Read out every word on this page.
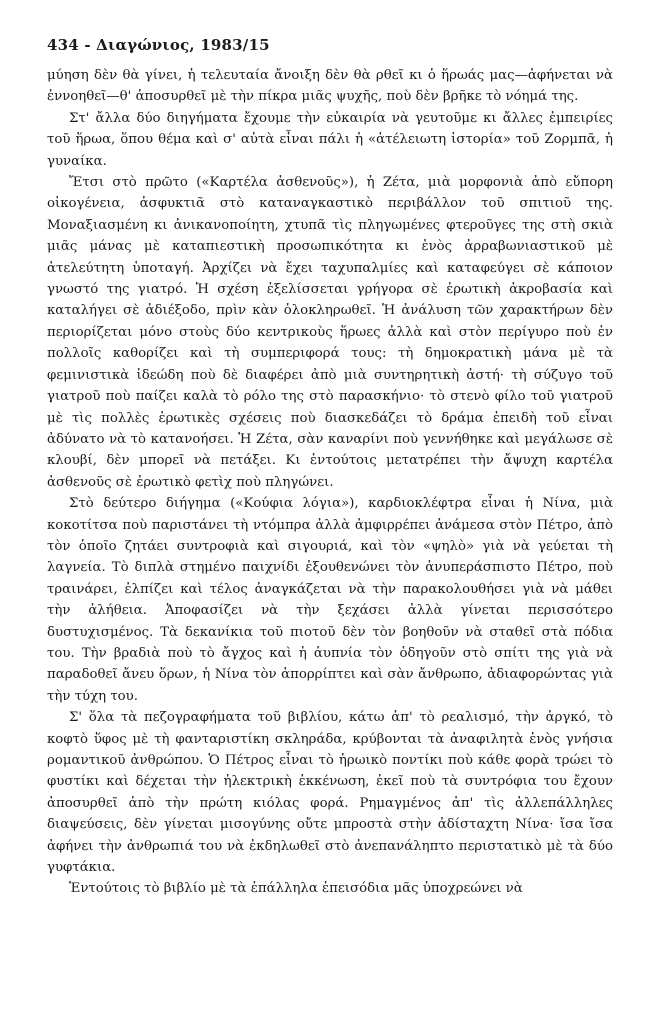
434 - Διαγώνιος, 1983/15

μύηση δὲν θὰ γίνει, ἡ τελευταία ἄνοιξη δὲν θὰ ρθεῖ κι ὁ ἥρωάς μας—ἀφήνεται νὰ ἐννοηθεῖ—θ' ἀποσυρθεῖ μὲ τὴν πίκρα μιᾶς ψυχῆς, ποὺ δὲν βρῆκε τὸ νόημά της.

Στ' ἄλλα δύο διηγήματα ἔχουμε τὴν εὐκαιρία νὰ γευτοῦμε κι ἄλλες ἐμπειρίες τοῦ ἥρωα, ὅπου θέμα καὶ σ' αὐτὰ εἶναι πάλι ἡ «ἀτέλειωτη ἱστορία» τοῦ Ζορμπᾶ, ἡ γυναίκα.

Ἔτσι στὸ πρῶτο («Καρτέλα ἀσθενοῦς»), ἡ Ζέτα, μιὰ μορφονιὰ ἀπὸ εὔπορη οἰκογένεια, ἀσφυκτιᾶ στὸ καταναγκαστικὸ περιβάλλον τοῦ σπιτιοῦ της. Μοναξιασμένη κι ἀνικανοποίητη, χτυπᾶ τὶς πληγωμένες φτεροῦγες της στὴ σκιὰ μιᾶς μάνας μὲ καταπιεστικὴ προσωπικότητα κι ἑνὸς ἀρραβωνιαστικοῦ μὲ ἀτελεύτητη ὑποταγή. Ἀρχίζει νὰ ἔχει ταχυπαλμίες καὶ καταφεύγει σὲ κάποιον γνωστό της γιατρό. Ἡ σχέση ἐξελίσσεται γρήγορα σὲ ἐρωτικὴ ἀκροβασία καὶ καταλήγει σὲ ἀδιέξοδο, πρὶν κὰν ὁλοκληρωθεῖ. Ἡ ἀνάλυση τῶν χαρακτήρων δὲν περιορίζεται μόνο στοὺς δύο κεντρικοὺς ἥρωες ἀλλὰ καὶ στὸν περίγυρο ποὺ ἐν πολλοῖς καθορίζει καὶ τὴ συμπεριφορά τους: τὴ δημοκρατικὴ μάνα μὲ τὰ φεμινιστικὰ ἰδεώδη ποὺ δὲ διαφέρει ἀπὸ μιὰ συντηρητικὴ ἀστή· τὴ σύζυγο τοῦ γιατροῦ ποὺ παίζει καλὰ τὸ ρόλο της στὸ παρασκήνιο· τὸ στενὸ φίλο τοῦ γιατροῦ μὲ τὶς πολλὲς ἐρωτικὲς σχέσεις ποὺ διασκεδάζει τὸ δράμα ἐπειδὴ τοῦ εἶναι ἀδύνατο νὰ τὸ κατανοήσει. Ἡ Ζέτα, σὰν καναρίνι ποὺ γεννήθηκε καὶ μεγάλωσε σὲ κλουβί, δὲν μπορεῖ νὰ πετάξει. Κι ἐντούτοις μετατρέπει τὴν ἄψυχη καρτέλα ἀσθενοῦς σὲ ἐρωτικὸ φετὶχ ποὺ πληγώνει.

Στὸ δεύτερο διήγημα («Κούφια λόγια»), καρδιοκλέφτρα εἶναι ἡ Νίνα, μιὰ κοκοτίτσα ποὺ παριστάνει τὴ ντόμπρα ἀλλὰ ἀμφιρρέπει ἀνάμεσα στὸν Πέτρο, ἀπὸ τὸν ὁποῖο ζητάει συντροφιὰ καὶ σιγουριά, καὶ τὸν «ψηλὸ» γιὰ νὰ γεύεται τὴ λαγνεία. Τὸ διπλὰ στημένο παιχνίδι ἐξουθενώνει τὸν ἀνυπεράσπιστο Πέτρο, ποὺ τραινάρει, ἐλπίζει καὶ τέλος ἀναγκάζεται νὰ τὴν παρακολουθήσει γιὰ νὰ μάθει τὴν ἀλήθεια. Ἀποφασίζει νὰ τὴν ξεχάσει ἀλλὰ γίνεται περισσότερο δυστυχισμένος. Τὰ δεκανίκια τοῦ πιοτοῦ δὲν τὸν βοηθοῦν νὰ σταθεῖ στὰ πόδια του. Τὴν βραδιὰ ποὺ τὸ ἄγχος καὶ ἡ ἀυπνία τὸν ὁδηγοῦν στὸ σπίτι της γιὰ νὰ παραδοθεῖ ἄνευ ὅρων, ἡ Νίνα τὸν ἀπορρίπτει καὶ σὰν ἄνθρωπο, ἀδιαφορώντας γιὰ τὴν τύχη του.

Σ' ὅλα τὰ πεζογραφήματα τοῦ βιβλίου, κάτω ἀπ' τὸ ρεαλισμό, τὴν ἀργκό, τὸ κοφτὸ ὕφος μὲ τὴ φανταριστίκη σκληράδα, κρύβονται τὰ ἀναφιλητὰ ἑνὸς γνήσια ρομαντικοῦ ἀνθρώπου. Ὁ Πέτρος εἶναι τὸ ἡρωικὸ ποντίκι ποὺ κάθε φορὰ τρώει τὸ φυστίκι καὶ δέχεται τὴν ἠλεκτρικὴ ἐκκένωση, ἐκεῖ ποὺ τὰ συντρόφια του ἔχουν ἀποσυρθεῖ ἀπὸ τὴν πρώτη κιόλας φορά. Ρημαγμένος ἀπ' τὶς ἀλλεπάλληλες διαψεύσεις, δὲν γίνεται μισογύνης οὔτε μπροστὰ στὴν ἀδίσταχτη Νίνα· ἴσα ἴσα ἀφήνει τὴν ἀνθρωπιά του νὰ ἐκδηλωθεῖ στὸ ἀνεπανάληπτο περιστατικὸ μὲ τὰ δύο γυφτάκια.

Ἐντούτοις τὸ βιβλίο μὲ τὰ ἐπάλληλα ἐπεισόδια μᾶς ὑποχρεώνει νὰ
